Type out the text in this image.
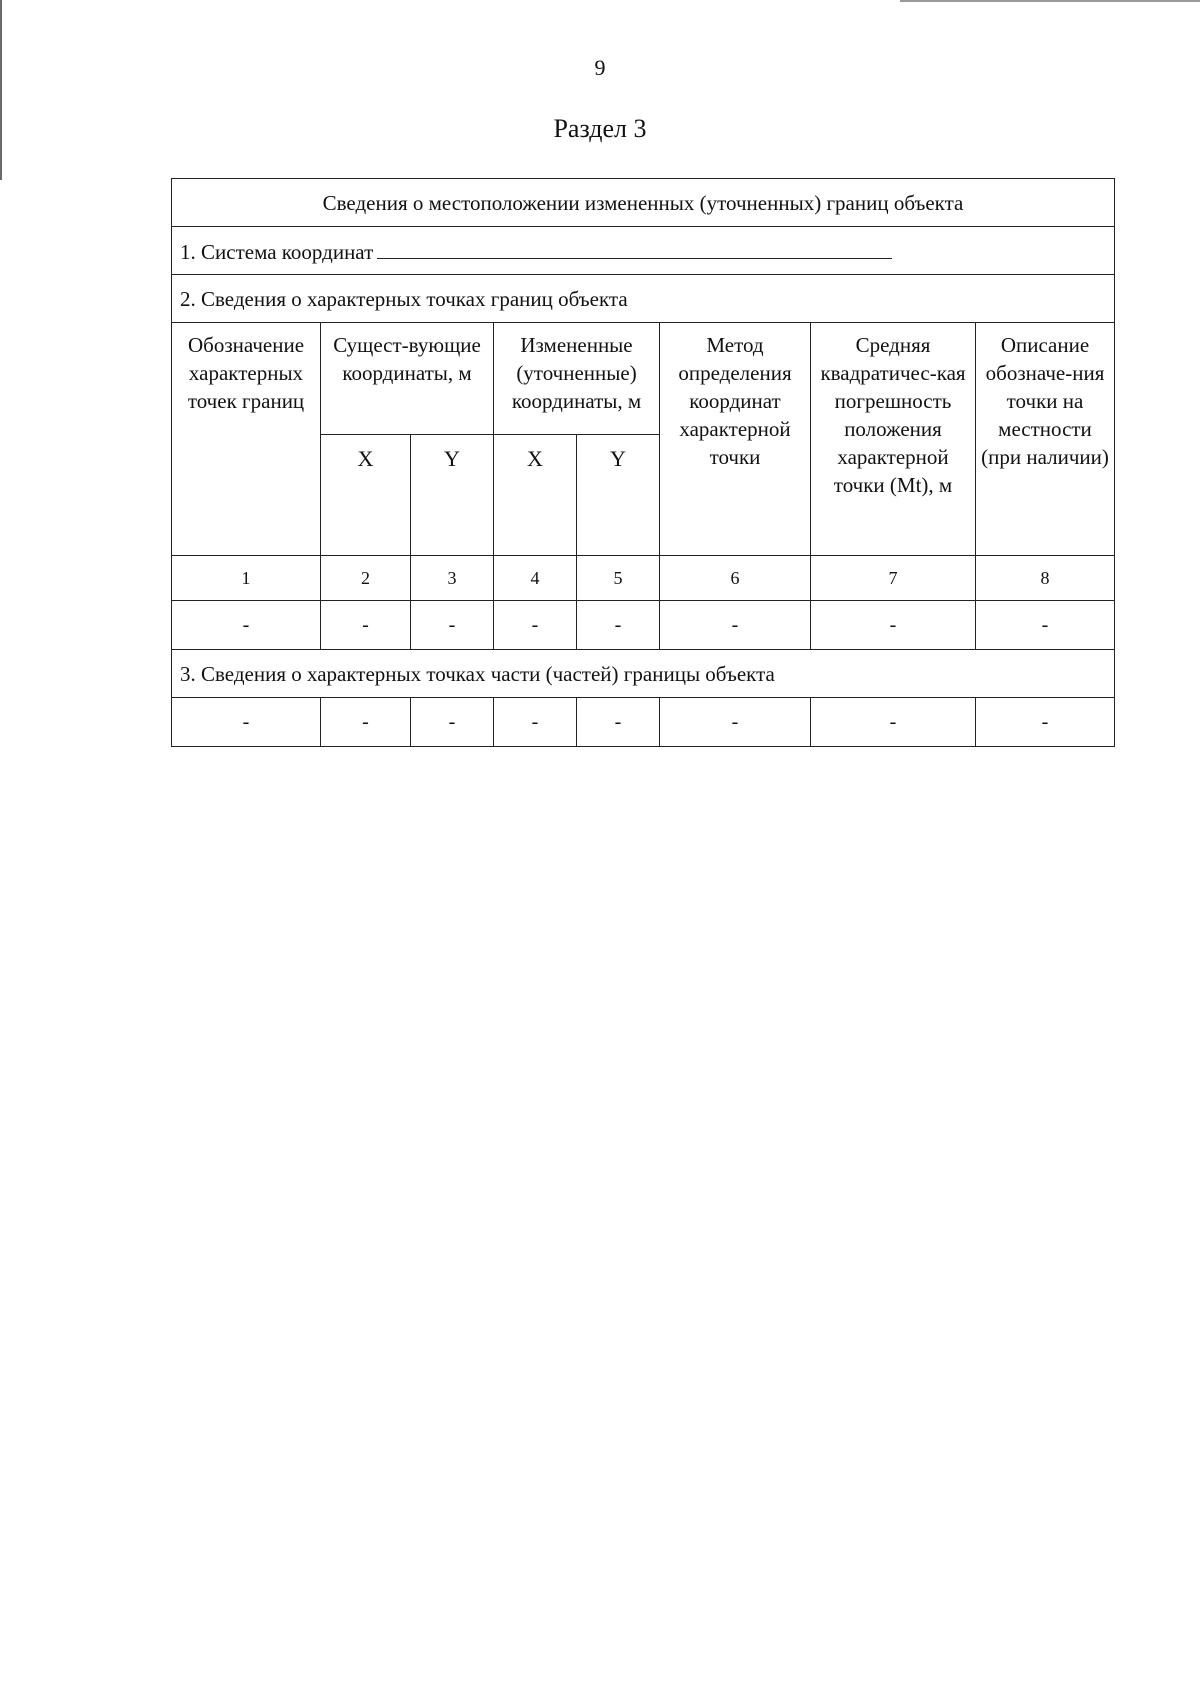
9
Раздел 3
Сведения о местоположении измененных (уточненных) границ объекта							
1. Система координат							
2. Сведения о характерных точках границ объекта							
Обозначение характерных точек границ	Сущест-вующие координаты, м		Измененные (уточненные) координаты, м		Метод определения координат характерной точки	Средняя квадратичес-кая погрешность положения характерной точки (Mt), м	Описание обозначе-ния точки на местности (при наличии)
	X	Y	X	Y			
1	2	3	4	5	6	7	8
-	-	-	-	-	-	-	-
3. Сведения о характерных точках части (частей) границы объекта							
-	-	-	-	-	-	-	-
